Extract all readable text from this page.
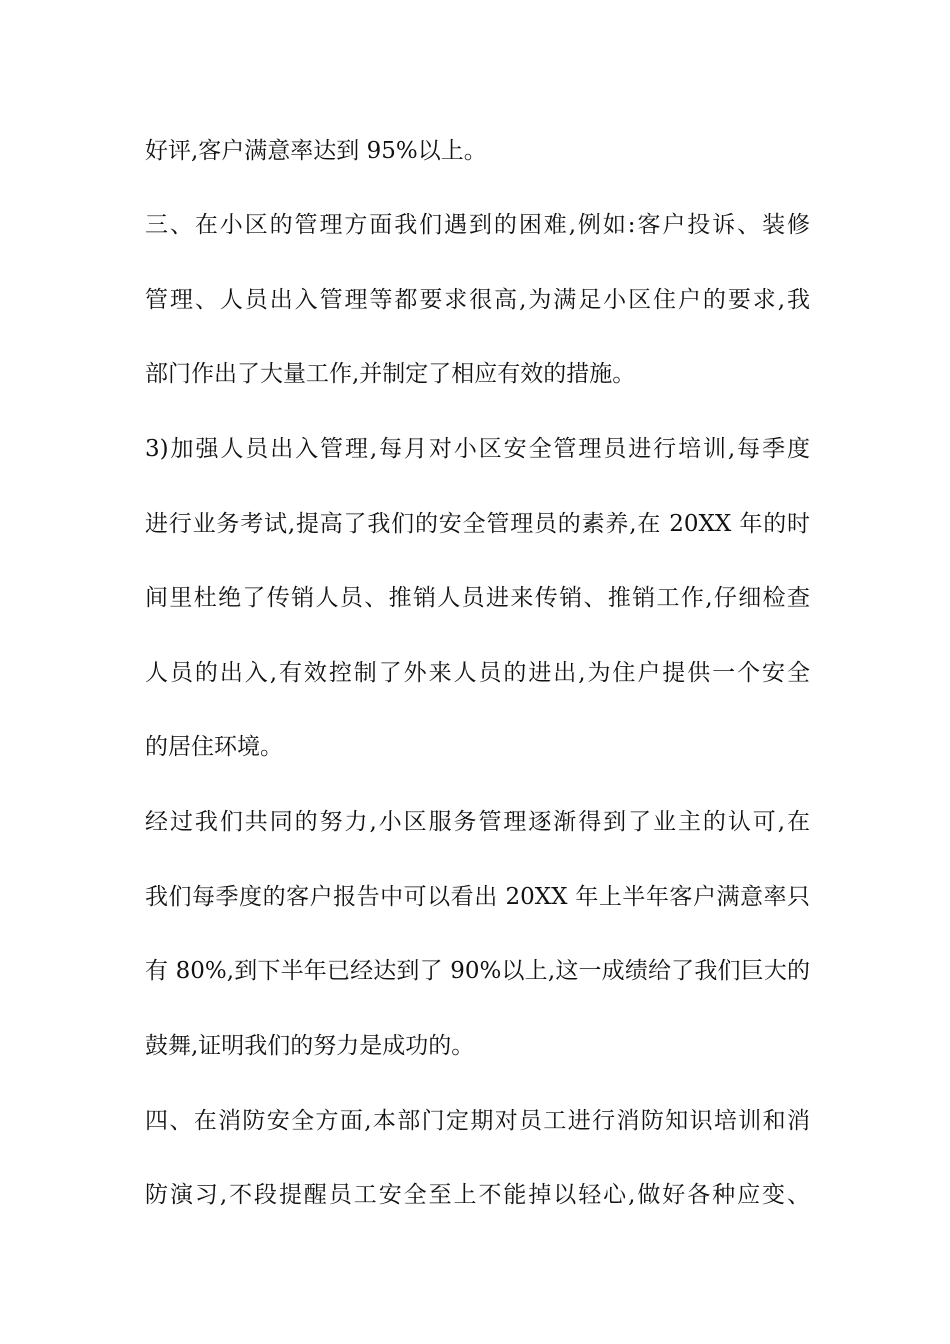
好评,客户满意率达到 95%以上。
三、在小区的管理方面我们遇到的困难,例如:客户投诉、装修
管理、人员出入管理等都要求很高,为满足小区住户的要求,我
部门作出了大量工作,并制定了相应有效的措施。
3)加强人员出入管理,每月对小区安全管理员进行培训,每季度
进行业务考试,提高了我们的安全管理员的素养,在 20XX 年的时
间里杜绝了传销人员、推销人员进来传销、推销工作,仔细检查
人员的出入,有效控制了外来人员的进出,为住户提供一个安全
的居住环境。
经过我们共同的努力,小区服务管理逐渐得到了业主的认可,在
我们每季度的客户报告中可以看出 20XX 年上半年客户满意率只
有 80%,到下半年已经达到了 90%以上,这一成绩给了我们巨大的
鼓舞,证明我们的努力是成功的。
四、在消防安全方面,本部门定期对员工进行消防知识培训和消
防演习,不段提醒员工安全至上不能掉以轻心,做好各种应变、
